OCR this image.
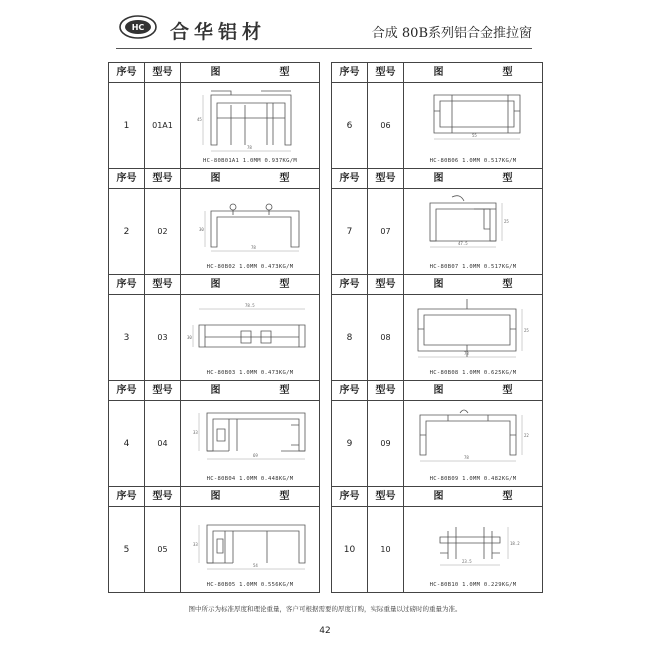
HC 合华铝材	合成 80B系列铝合金推拉窗
序号	型号	图	型
1	01A1
45
78
HC-80B01A1 1.0MM 0.937KG/M
序号	型号	图	型
2	02	30
78
HC-80B02 1.0MM 0.473KG/M
序号	型号	图	型
3	03
78.5
30
HC-80B03 1.0MM 0.473KG/M
序号	型号	图	型
4	04
33
69
HC-80B04 1.0MM 0.448KG/M
序号	型号	图	型
5	05
33
54
HC-80B05 1.0MM 0.556KG/M
序号	型号	图	型
6	06
55
HC-80B06 1.0MM 0.517KG/M
序号	型号	图	型
7	07
25
47.5
HC-80B07 1.0MM 0.517KG/M
序号	型号	图	型
8	08
25
73
HC-80B08 1.0MM 0.625KG/M
序号	型号	图	型
9	09
22
78
HC-80B09 1.0MM 0.482KG/M
序号	型号	图	型
10	10
18.2
23.5
HC-80B10 1.0MM 0.229KG/M
图中所示为标准厚度和理论重量，客户可根据需要的厚度订购，实际重量以过磅时的重量为准。
42
